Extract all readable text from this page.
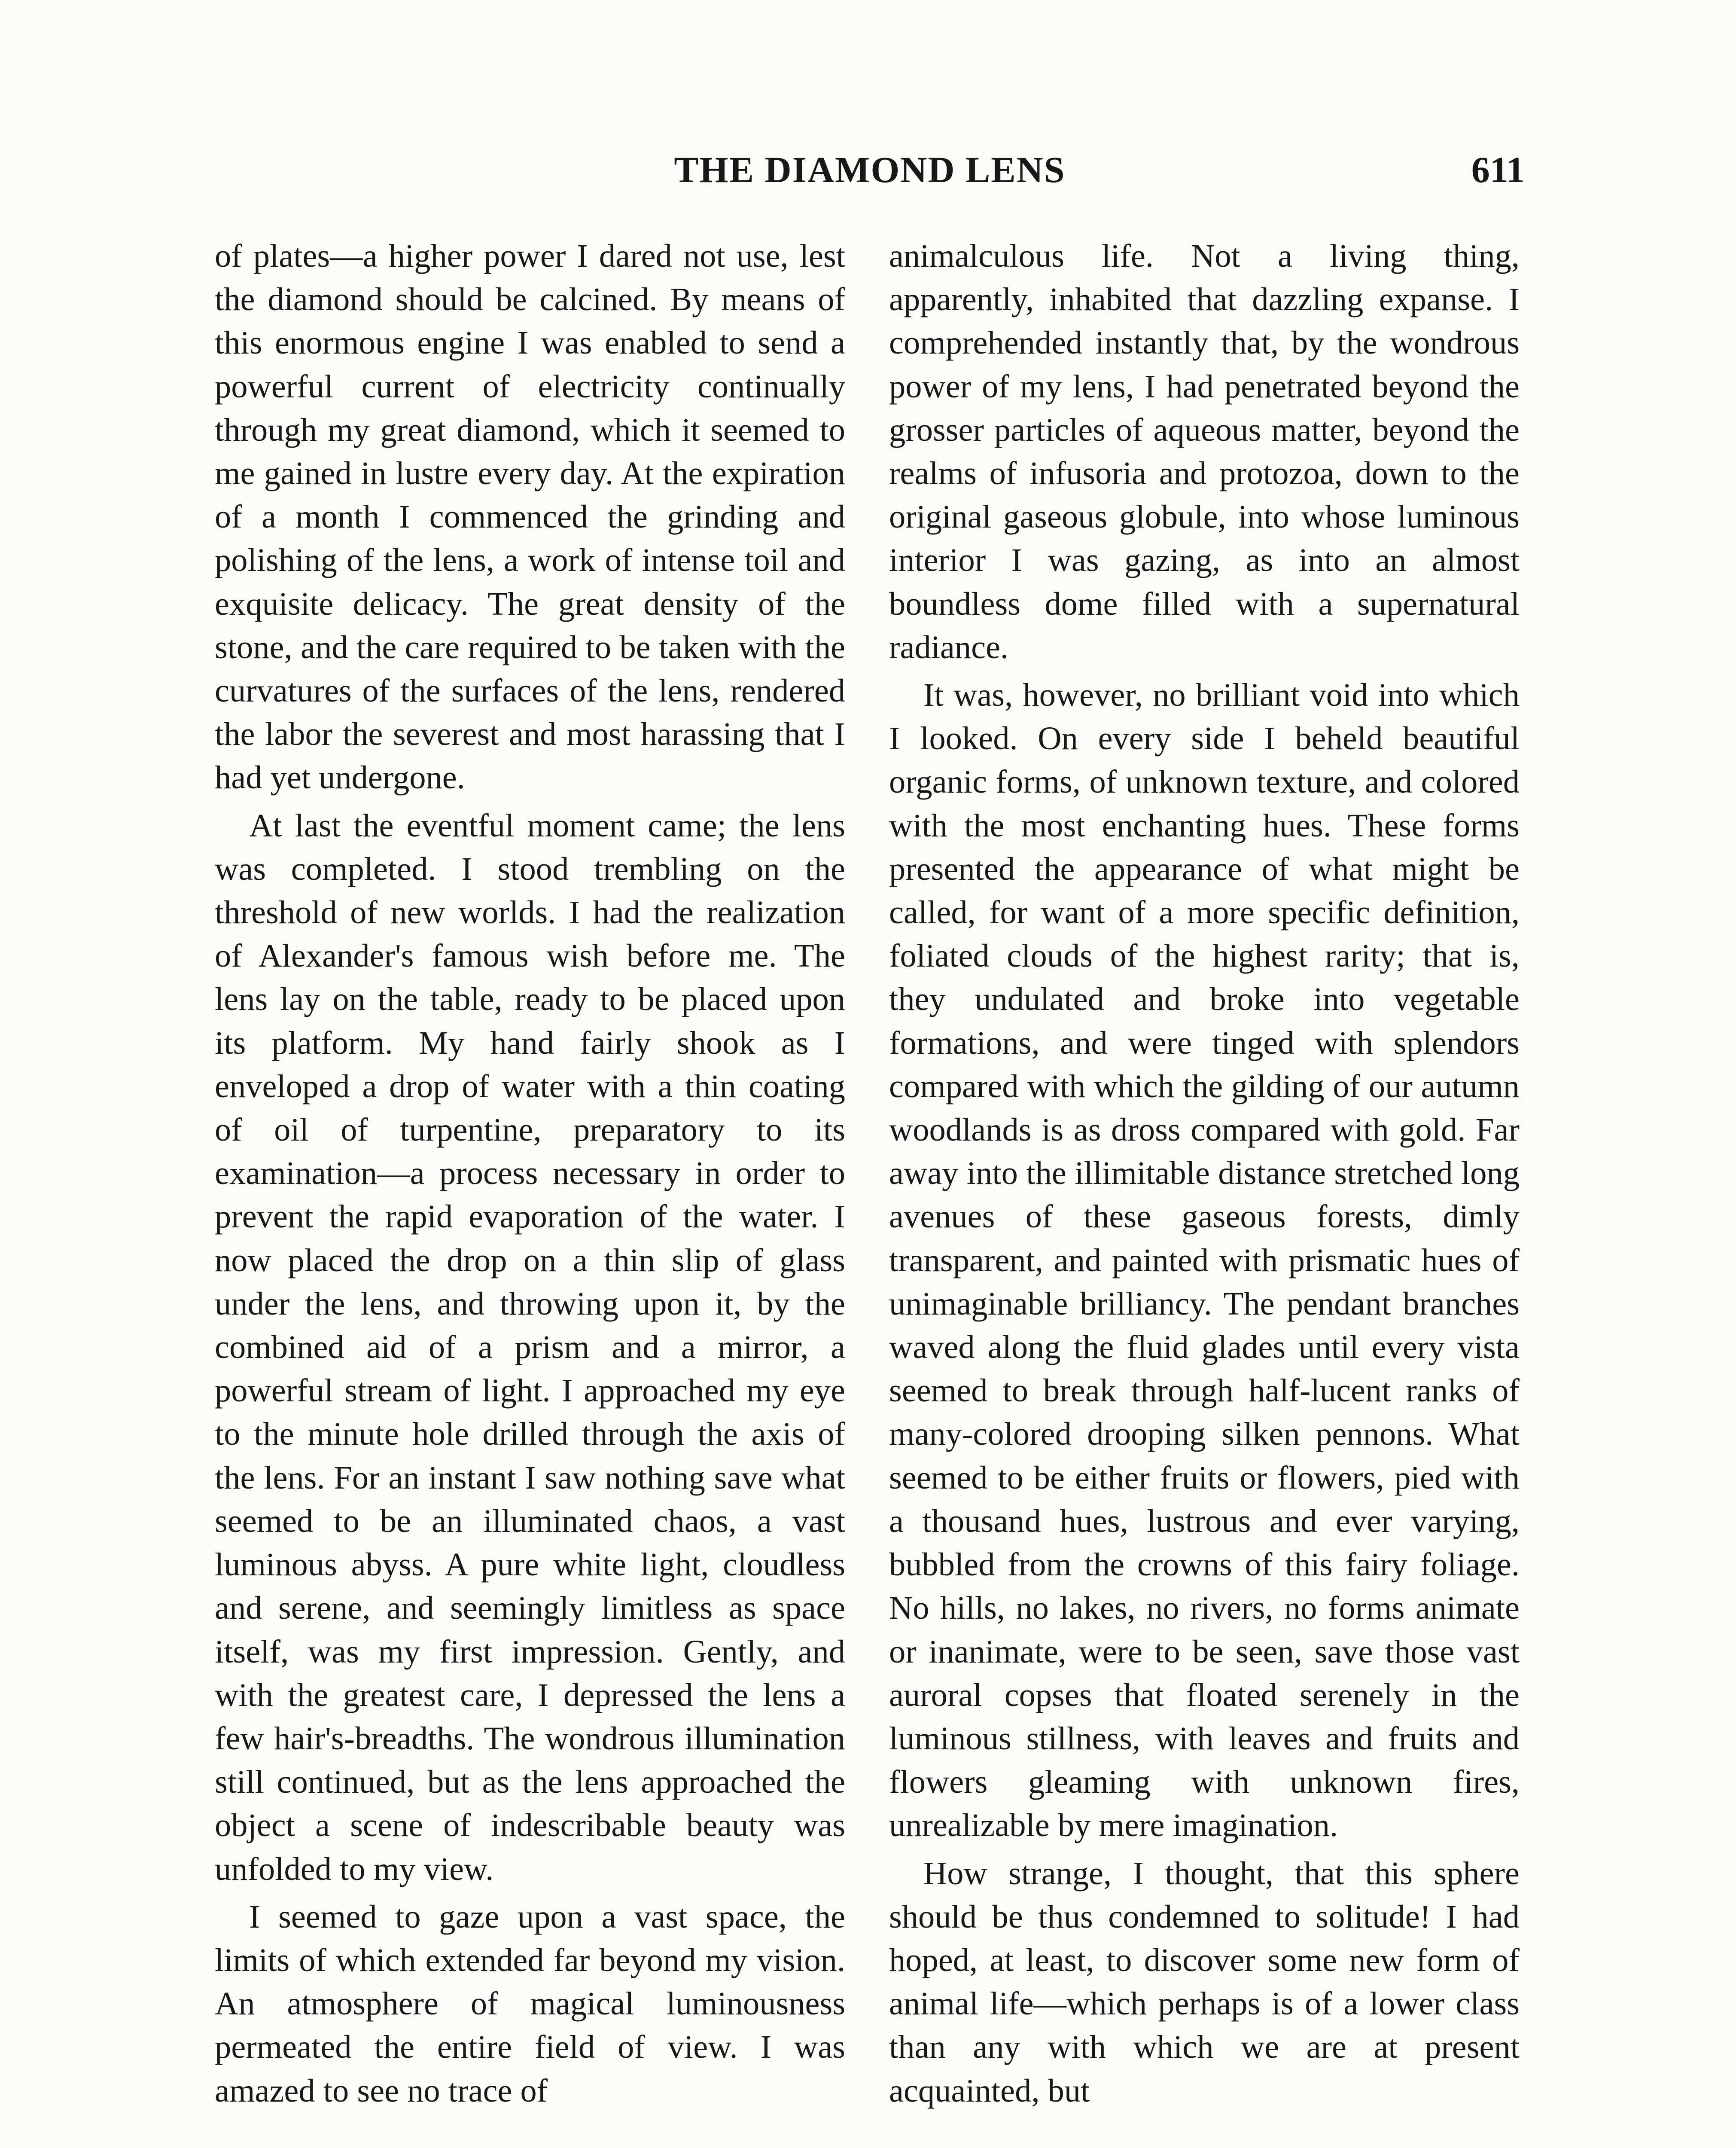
THE DIAMOND LENS	611

of plates—a higher power I dared not use, lest the diamond should be calcined. By means of this enormous engine I was enabled to send a powerful current of electricity continually through my great diamond, which it seemed to me gained in lustre every day. At the expiration of a month I commenced the grinding and polishing of the lens, a work of intense toil and exquisite delicacy. The great density of the stone, and the care required to be taken with the curvatures of the surfaces of the lens, rendered the labor the severest and most harassing that I had yet undergone.

At last the eventful moment came; the lens was completed. I stood trembling on the threshold of new worlds. I had the realization of Alexander's famous wish before me. The lens lay on the table, ready to be placed upon its platform. My hand fairly shook as I enveloped a drop of water with a thin coating of oil of turpentine, preparatory to its examination—a process necessary in order to prevent the rapid evaporation of the water. I now placed the drop on a thin slip of glass under the lens, and throwing upon it, by the combined aid of a prism and a mirror, a powerful stream of light. I approached my eye to the minute hole drilled through the axis of the lens. For an instant I saw nothing save what seemed to be an illuminated chaos, a vast luminous abyss. A pure white light, cloudless and serene, and seemingly limitless as space itself, was my first impression. Gently, and with the greatest care, I depressed the lens a few hair's-breadths. The wondrous illumination still continued, but as the lens approached the object a scene of indescribable beauty was unfolded to my view.

I seemed to gaze upon a vast space, the limits of which extended far beyond my vision. An atmosphere of magical luminousness permeated the entire field of view. I was amazed to see no trace of

animalculous life. Not a living thing, apparently, inhabited that dazzling expanse. I comprehended instantly that, by the wondrous power of my lens, I had penetrated beyond the grosser particles of aqueous matter, beyond the realms of infusoria and protozoa, down to the original gaseous globule, into whose luminous interior I was gazing, as into an almost boundless dome filled with a supernatural radiance.

It was, however, no brilliant void into which I looked. On every side I beheld beautiful organic forms, of unknown texture, and colored with the most enchanting hues. These forms presented the appearance of what might be called, for want of a more specific definition, foliated clouds of the highest rarity; that is, they undulated and broke into vegetable formations, and were tinged with splendors compared with which the gilding of our autumn woodlands is as dross compared with gold. Far away into the illimitable distance stretched long avenues of these gaseous forests, dimly transparent, and painted with prismatic hues of unimaginable brilliancy. The pendant branches waved along the fluid glades until every vista seemed to break through half-lucent ranks of many-colored drooping silken pennons. What seemed to be either fruits or flowers, pied with a thousand hues, lustrous and ever varying, bubbled from the crowns of this fairy foliage. No hills, no lakes, no rivers, no forms animate or inanimate, were to be seen, save those vast auroral copses that floated serenely in the luminous stillness, with leaves and fruits and flowers gleaming with unknown fires, unrealizable by mere imagination.

How strange, I thought, that this sphere should be thus condemned to solitude! I had hoped, at least, to discover some new form of animal life—which perhaps is of a lower class than any with which we are at present acquainted, but
